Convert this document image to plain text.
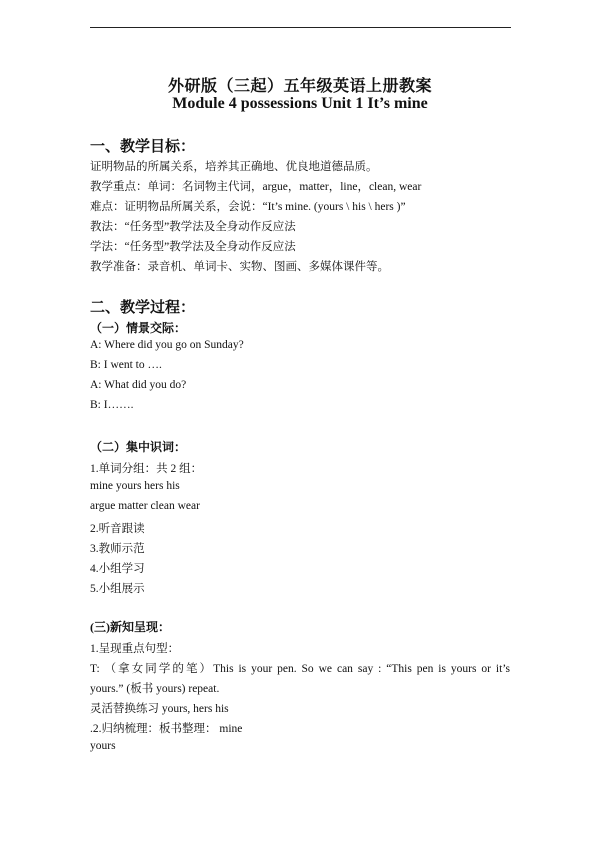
外研版（三起）五年级英语上册教案
Module 4 possessions Unit 1 It’s mine
一、教学目标：
证明物品的所属关系，培养其正确地、优良地道德品质。
教学重点：单词：名词物主代词，argue，matter，line，clean, wear
难点：证明物品所属关系，会说：“It’s mine. (yours \ his \ hers )”
教法：“任务型”教学法及全身动作反应法
学法：“任务型”教学法及全身动作反应法
教学准备：录音机、单词卡、实物、图画、多媒体课件等。
二、教学过程：
（一）情景交际：
A: Where did you go on Sunday?
B: I went to ….
A: What did you do?
B: I…….
（二）集中识词：
1.单词分组：共 2 组：
mine yours hers his
argue matter clean wear
2.听音跟读
3.教师示范
4.小组学习
5.小组展示
(三)新知呈现：
1.呈现重点句型：
T: （拿女同学的笔）This is your pen. So we can say : “This pen is yours or it’s
yours.” (板书 yours) repeat.
灵活替换练习 yours, hers his
.2.归纳梳理：板书整理： mine
yours
